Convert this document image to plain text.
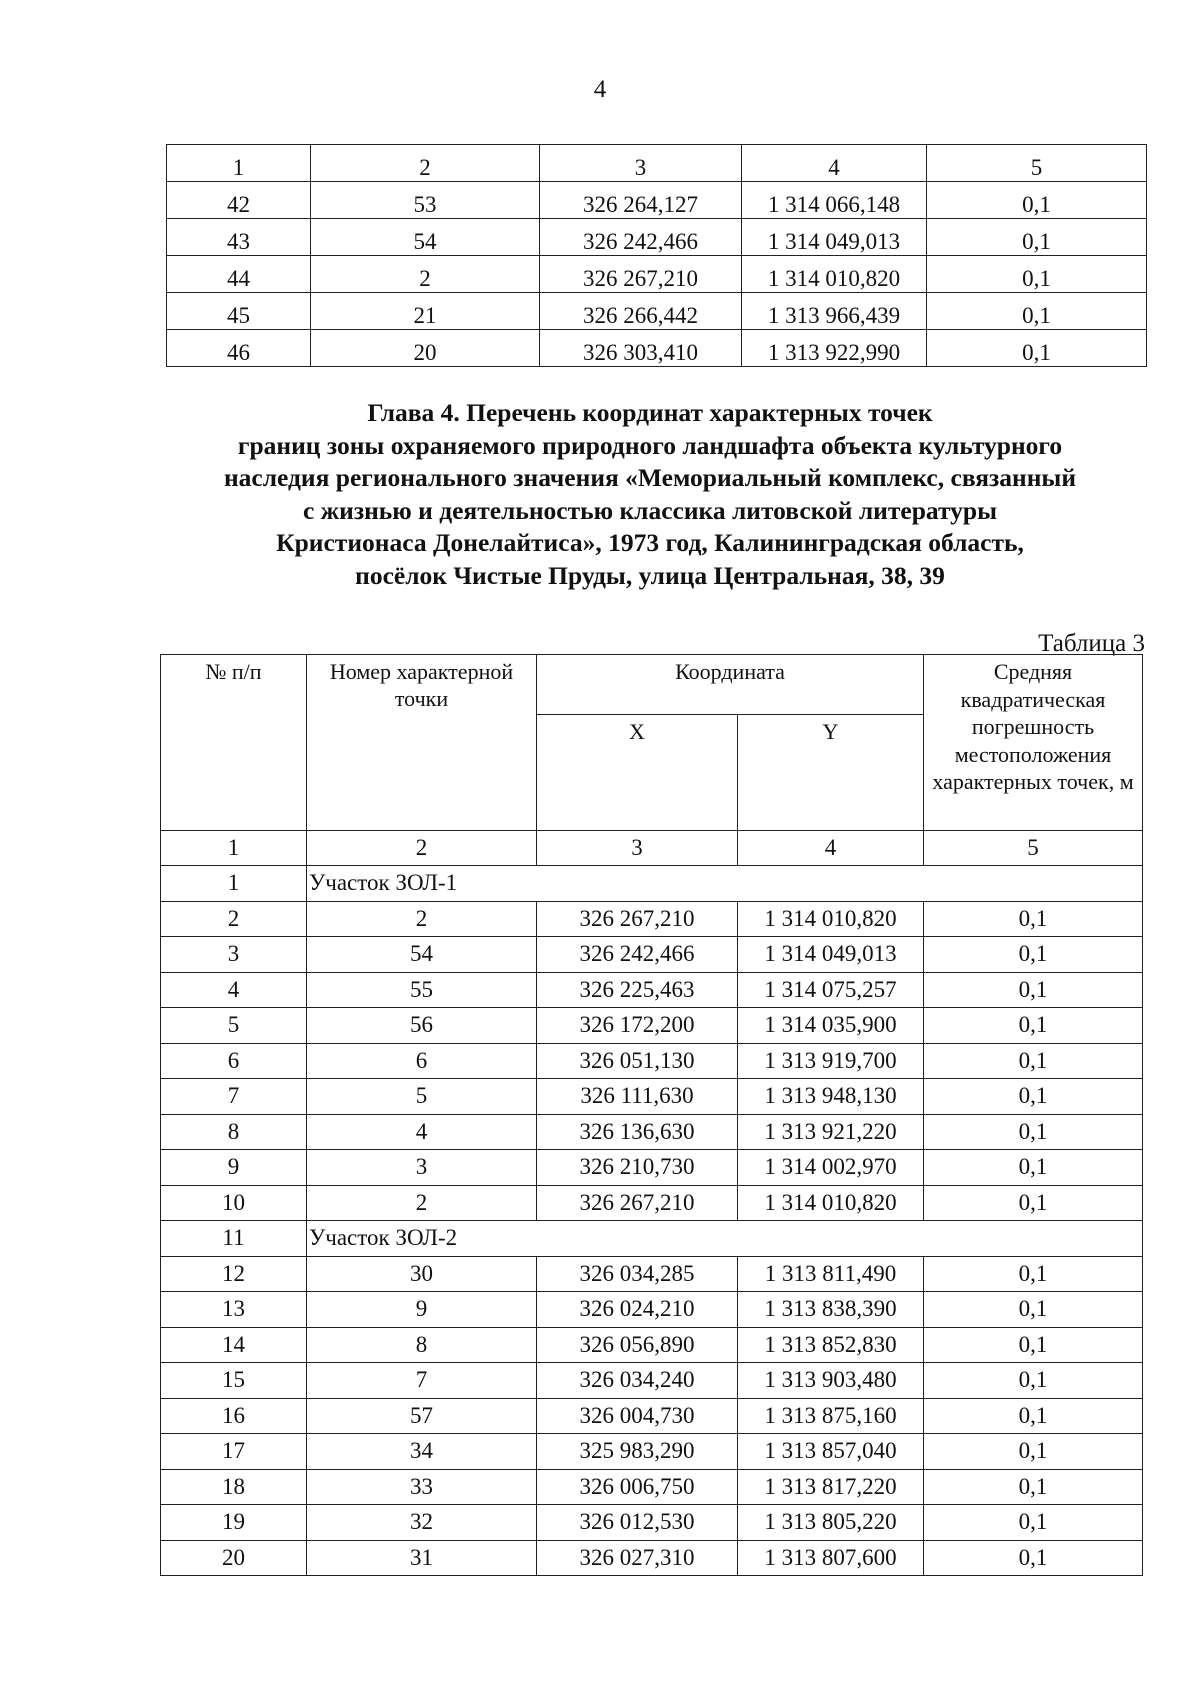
4
1	2	3	4	5
42	53	326 264,127	1 314 066,148	0,1
43	54	326 242,466	1 314 049,013	0,1
44	2	326 267,210	1 314 010,820	0,1
45	21	326 266,442	1 313 966,439	0,1
46	20	326 303,410	1 313 922,990	0,1
Глава 4. Перечень координат характерных точек
границ зоны охраняемого природного ландшафта объекта культурного
наследия регионального значения «Мемориальный комплекс, связанный
с жизнью и деятельностью классика литовской литературы
Кристионаса Донелайтиса», 1973 год, Калининградская область,
посёлок Чистые Пруды, улица Центральная, 38, 39
Таблица 3
№ п/п	Номер характерной точки	Координата		Средняя квадратическая погрешность местоположения характерных точек, м
		X	Y	
1	2	3	4	5
1	Участок ЗОЛ-1			
2	2	326 267,210	1 314 010,820	0,1
3	54	326 242,466	1 314 049,013	0,1
4	55	326 225,463	1 314 075,257	0,1
5	56	326 172,200	1 314 035,900	0,1
6	6	326 051,130	1 313 919,700	0,1
7	5	326 111,630	1 313 948,130	0,1
8	4	326 136,630	1 313 921,220	0,1
9	3	326 210,730	1 314 002,970	0,1
10	2	326 267,210	1 314 010,820	0,1
11	Участок ЗОЛ-2			
12	30	326 034,285	1 313 811,490	0,1
13	9	326 024,210	1 313 838,390	0,1
14	8	326 056,890	1 313 852,830	0,1
15	7	326 034,240	1 313 903,480	0,1
16	57	326 004,730	1 313 875,160	0,1
17	34	325 983,290	1 313 857,040	0,1
18	33	326 006,750	1 313 817,220	0,1
19	32	326 012,530	1 313 805,220	0,1
20	31	326 027,310	1 313 807,600	0,1
